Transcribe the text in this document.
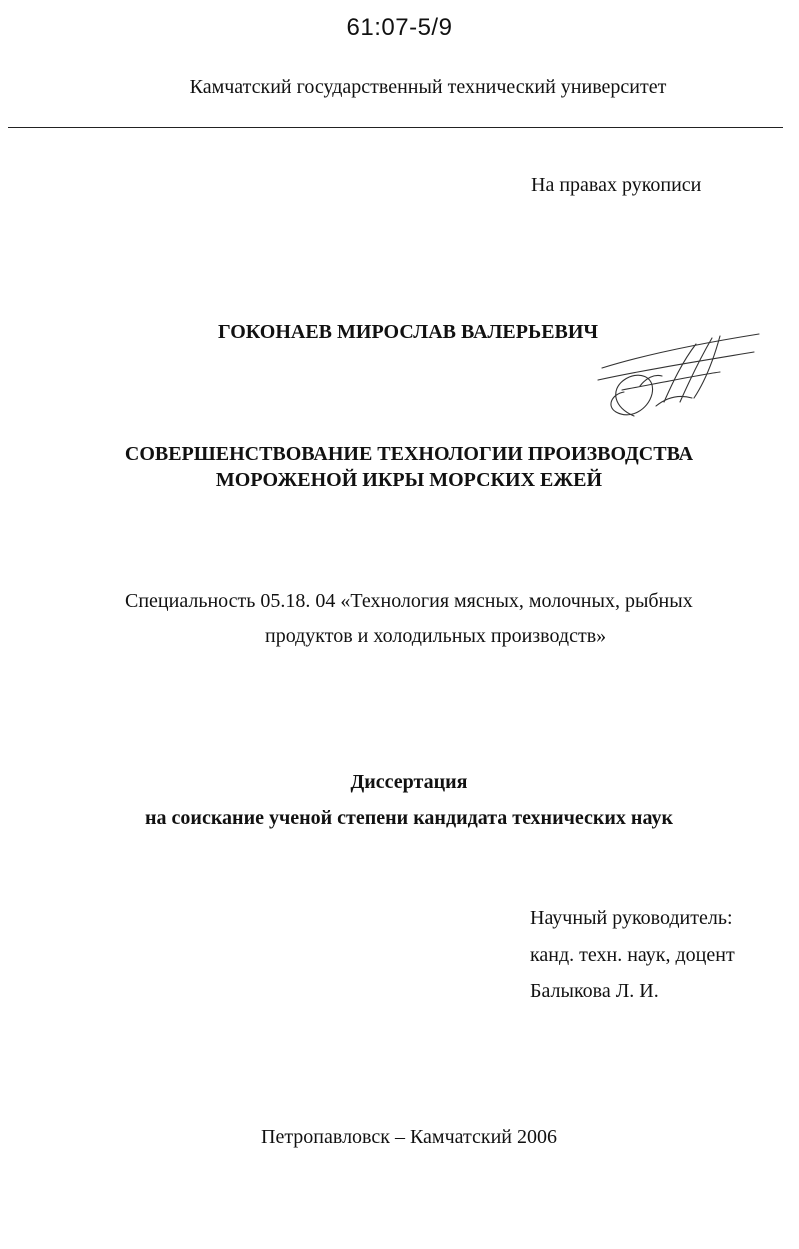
61:07-5/9
Камчатский государственный технический университет
На правах рукописи
ГОКОНАЕВ МИРОСЛАВ ВАЛЕРЬЕВИЧ
СОВЕРШЕНСТВОВАНИЕ ТЕХНОЛОГИИ ПРОИЗВОДСТВА
МОРОЖЕНОЙ ИКРЫ МОРСКИХ ЕЖЕЙ
Специальность 05.18. 04 «Технология мясных, молочных, рыбных
продуктов и холодильных производств»
Диссертация
на соискание ученой степени кандидата технических наук
Научный руководитель:
канд. техн. наук, доцент
Балыкова Л. И.
Петропавловск – Камчатский 2006
